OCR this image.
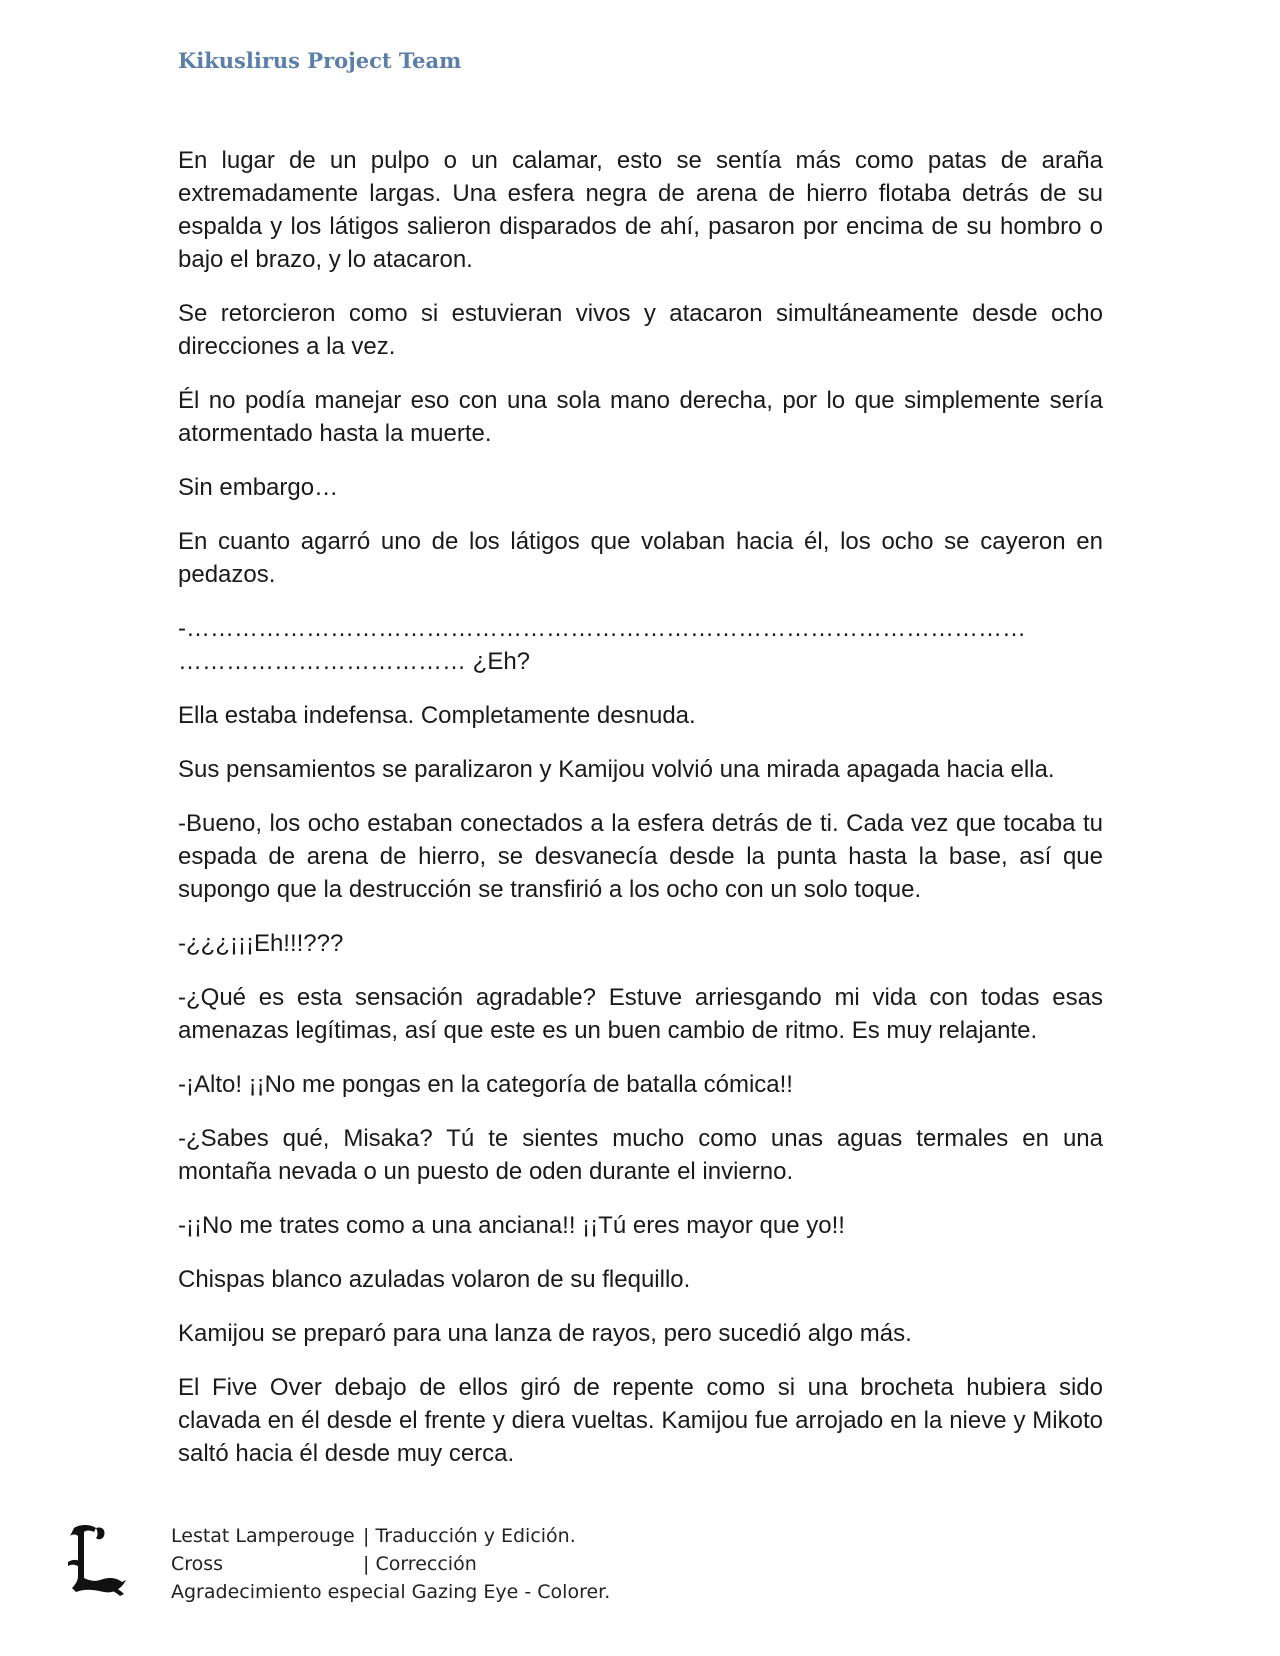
Kikuslirus Project Team

En lugar de un pulpo o un calamar, esto se sentía más como patas de araña extremadamente largas. Una esfera negra de arena de hierro flotaba detrás de su espalda y los látigos salieron disparados de ahí, pasaron por encima de su hombro o bajo el brazo, y lo atacaron.

Se retorcieron como si estuvieran vivos y atacaron simultáneamente desde ocho direcciones a la vez.

Él no podía manejar eso con una sola mano derecha, por lo que simplemente sería atormentado hasta la muerte.

Sin embargo…

En cuanto agarró uno de los látigos que volaban hacia él, los ocho se cayeron en pedazos.

-…………………………………………………………………………………………… ……………………………… ¿Eh?

Ella estaba indefensa. Completamente desnuda.

Sus pensamientos se paralizaron y Kamijou volvió una mirada apagada hacia ella.

-Bueno, los ocho estaban conectados a la esfera detrás de ti. Cada vez que tocaba tu espada de arena de hierro, se desvanecía desde la punta hasta la base, así que supongo que la destrucción se transfirió a los ocho con un solo toque.

-¿¿¿¡¡¡Eh!!!???

-¿Qué es esta sensación agradable? Estuve arriesgando mi vida con todas esas amenazas legítimas, así que este es un buen cambio de ritmo. Es muy relajante.

-¡Alto! ¡¡No me pongas en la categoría de batalla cómica!!

-¿Sabes qué, Misaka? Tú te sientes mucho como unas aguas termales en una montaña nevada o un puesto de oden durante el invierno.

-¡¡No me trates como a una anciana!! ¡¡Tú eres mayor que yo!!

Chispas blanco azuladas volaron de su flequillo.

Kamijou se preparó para una lanza de rayos, pero sucedió algo más.

El Five Over debajo de ellos giró de repente como si una brocheta hubiera sido clavada en él desde el frente y diera vueltas. Kamijou fue arrojado en la nieve y Mikoto saltó hacia él desde muy cerca.

Lestat Lamperouge | Traducción y Edición.
Cross	| Corrección
Agradecimiento especial Gazing Eye - Colorer.
